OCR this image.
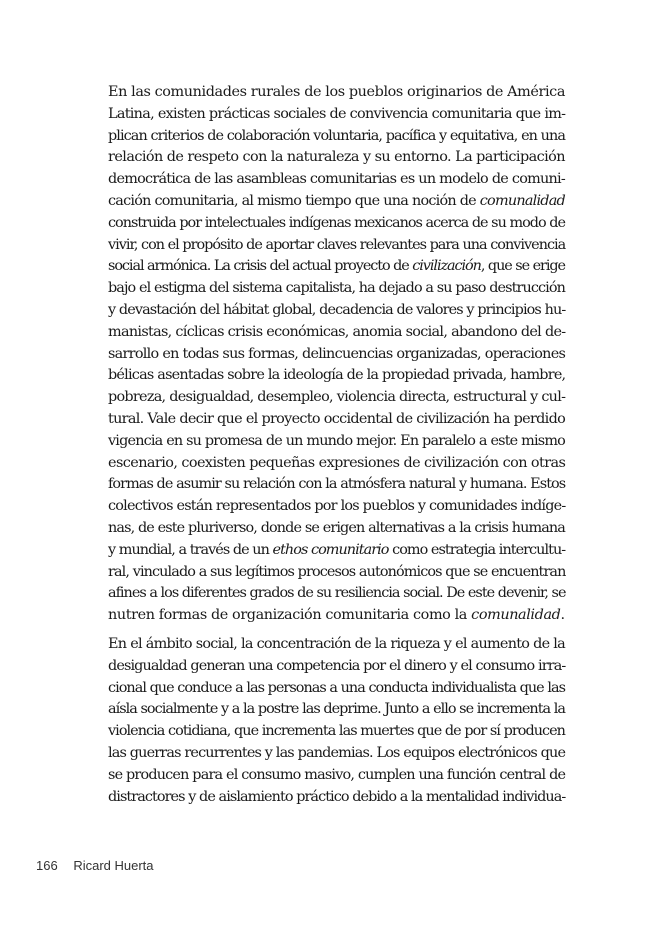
En las comunidades rurales de los pueblos originarios de América
Latina, existen prácticas sociales de convivencia comunitaria que im-
plican criterios de colaboración voluntaria, pacífica y equitativa, en una
relación de respeto con la naturaleza y su entorno. La participación
democrática de las asambleas comunitarias es un modelo de comuni-
cación comunitaria, al mismo tiempo que una noción de comunalidad
construida por intelectuales indígenas mexicanos acerca de su modo de
vivir, con el propósito de aportar claves relevantes para una convivencia
social armónica. La crisis del actual proyecto de civilización, que se erige
bajo el estigma del sistema capitalista, ha dejado a su paso destrucción
y devastación del hábitat global, decadencia de valores y principios hu-
manistas, cíclicas crisis económicas, anomia social, abandono del de-
sarrollo en todas sus formas, delincuencias organizadas, operaciones
bélicas asentadas sobre la ideología de la propiedad privada, hambre,
pobreza, desigualdad, desempleo, violencia directa, estructural y cul-
tural. Vale decir que el proyecto occidental de civilización ha perdido
vigencia en su promesa de un mundo mejor. En paralelo a este mismo
escenario, coexisten pequeñas expresiones de civilización con otras
formas de asumir su relación con la atmósfera natural y humana. Estos
colectivos están representados por los pueblos y comunidades indíge-
nas, de este pluriverso, donde se erigen alternativas a la crisis humana
y mundial, a través de un ethos comunitario como estrategia intercultu-
ral, vinculado a sus legítimos procesos autonómicos que se encuentran
afines a los diferentes grados de su resiliencia social. De este devenir, se
nutren formas de organización comunitaria como la comunalidad.

En el ámbito social, la concentración de la riqueza y el aumento de la
desigualdad generan una competencia por el dinero y el consumo irra-
cional que conduce a las personas a una conducta individualista que las
aísla socialmente y a la postre las deprime. Junto a ello se incrementa la
violencia cotidiana, que incrementa las muertes que de por sí producen
las guerras recurrentes y las pandemias. Los equipos electrónicos que
se producen para el consumo masivo, cumplen una función central de
distractores y de aislamiento práctico debido a la mentalidad individua-

166 Ricard Huerta
